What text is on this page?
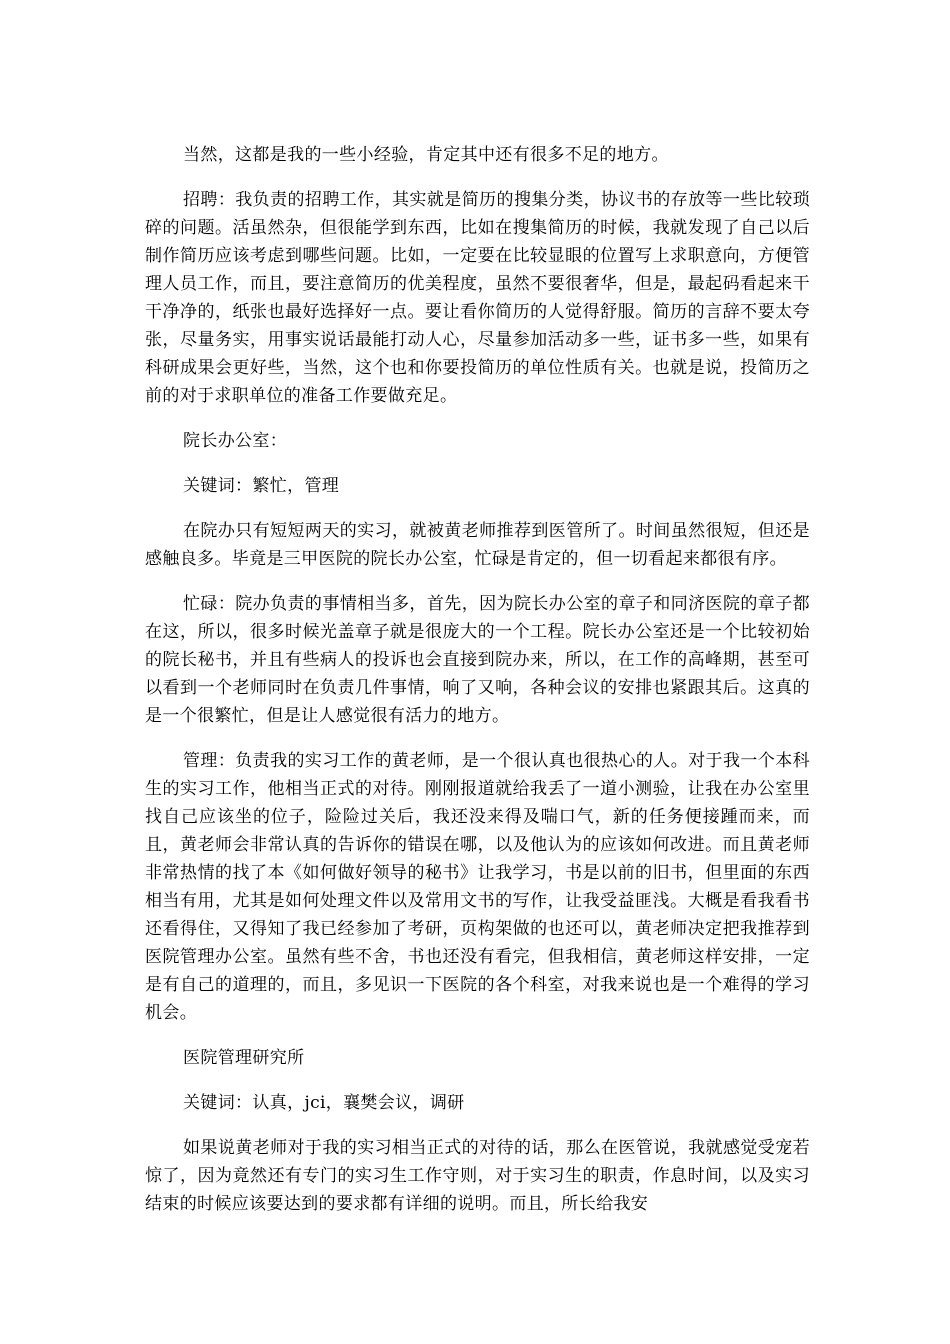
当然，这都是我的一些小经验，肯定其中还有很多不足的地方。

招聘：我负责的招聘工作，其实就是简历的搜集分类，协议书的存放等一些比较琐碎的问题。活虽然杂，但很能学到东西，比如在搜集简历的时候，我就发现了自己以后制作简历应该考虑到哪些问题。比如，一定要在比较显眼的位置写上求职意向，方便管理人员工作，而且，要注意简历的优美程度，虽然不要很奢华，但是，最起码看起来干干净净的，纸张也最好选择好一点。要让看你简历的人觉得舒服。简历的言辞不要太夸张，尽量务实，用事实说话最能打动人心，尽量参加活动多一些，证书多一些，如果有科研成果会更好些，当然，这个也和你要投简历的单位性质有关。也就是说，投简历之前的对于求职单位的准备工作要做充足。

院长办公室：

关键词：繁忙，管理

在院办只有短短两天的实习，就被黄老师推荐到医管所了。时间虽然很短，但还是感触良多。毕竟是三甲医院的院长办公室，忙碌是肯定的，但一切看起来都很有序。

忙碌：院办负责的事情相当多，首先，因为院长办公室的章子和同济医院的章子都在这，所以，很多时候光盖章子就是很庞大的一个工程。院长办公室还是一个比较初始的院长秘书，并且有些病人的投诉也会直接到院办来，所以，在工作的高峰期，甚至可以看到一个老师同时在负责几件事情，响了又响，各种会议的安排也紧跟其后。这真的是一个很繁忙，但是让人感觉很有活力的地方。

管理：负责我的实习工作的黄老师，是一个很认真也很热心的人。对于我一个本科生的实习工作，他相当正式的对待。刚刚报道就给我丢了一道小测验，让我在办公室里找自己应该坐的位子，险险过关后，我还没来得及喘口气，新的任务便接踵而来，而且，黄老师会非常认真的告诉你的错误在哪，以及他认为的应该如何改进。而且黄老师非常热情的找了本《如何做好领导的秘书》让我学习，书是以前的旧书，但里面的东西相当有用，尤其是如何处理文件以及常用文书的写作，让我受益匪浅。大概是看我看书还看得住，又得知了我已经参加了考研，页构架做的也还可以，黄老师决定把我推荐到医院管理办公室。虽然有些不舍，书也还没有看完，但我相信，黄老师这样安排，一定是有自己的道理的，而且，多见识一下医院的各个科室，对我来说也是一个难得的学习机会。

医院管理研究所

关键词：认真，jci，襄樊会议，调研

如果说黄老师对于我的实习相当正式的对待的话，那么在医管说，我就感觉受宠若惊了，因为竟然还有专门的实习生工作守则，对于实习生的职责，作息时间，以及实习结束的时候应该要达到的要求都有详细的说明。而且，所长给我安
